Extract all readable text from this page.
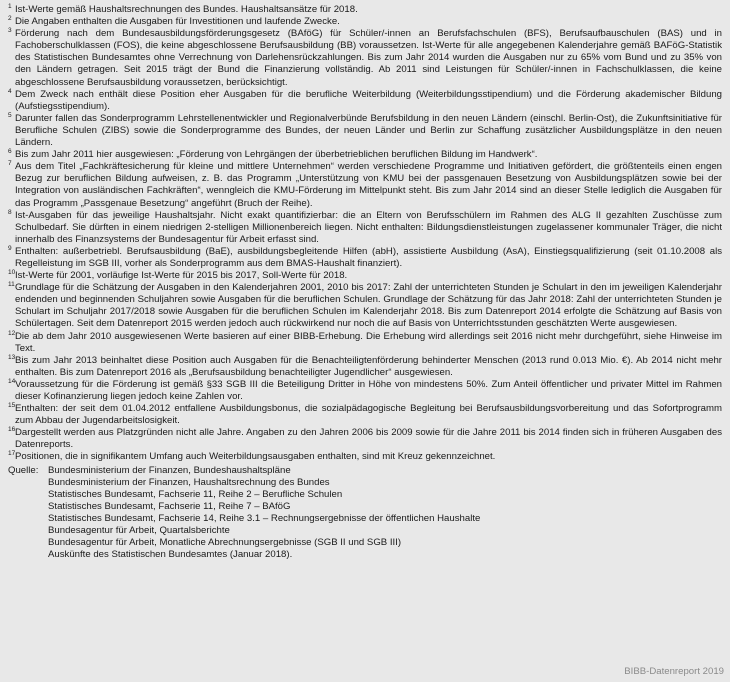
1 Ist-Werte gemäß Haushaltsrechnungen des Bundes. Haushaltsansätze für 2018.
2 Die Angaben enthalten die Ausgaben für Investitionen und laufende Zwecke.
3 Förderung nach dem Bundesausbildungsförderungsgesetz (BAföG) für Schüler/-innen an Berufsfachschulen (BFS), Berufsaufbauschulen (BAS) und in Fachoberschulklassen (FOS), die keine abgeschlossene Berufsausbildung (BB) voraussetzen. Ist-Werte für alle angegebenen Kalenderjahre gemäß BAFöG-Statistik des Statistischen Bundesamtes ohne Verrechnung von Darlehensrückzahlungen. Bis zum Jahr 2014 wurden die Ausgaben nur zu 65% vom Bund und zu 35% von den Ländern getragen. Seit 2015 trägt der Bund die Finanzierung vollständig. Ab 2011 sind Leistungen für Schüler/-innen in Fachschulklassen, die keine abgeschlossene Berufsausbildung voraussetzen, berücksichtigt.
4 Dem Zweck nach enthält diese Position eher Ausgaben für die berufliche Weiterbildung (Weiterbildungsstipendium) und die Förderung akademischer Bildung (Aufstiegsstipendium).
5 Darunter fallen das Sonderprogramm Lehrstellenentwickler und Regionalverbünde Berufsbildung in den neuen Ländern (einschl. Berlin-Ost), die Zukunftsinitiative für Berufliche Schulen (ZIBS) sowie die Sonderprogramme des Bundes, der neuen Länder und Berlin zur Schaffung zusätzlicher Ausbildungsplätze in den neuen Ländern.
6 Bis zum Jahr 2011 hier ausgewiesen: „Förderung von Lehrgängen der überbetrieblichen beruflichen Bildung im Handwerk“.
7 Aus dem Titel „Fachkräftesicherung für kleine und mittlere Unternehmen“ werden verschiedene Programme und Initiativen gefördert, die größtenteils einen engen Bezug zur beruflichen Bildung aufweisen, z. B. das Programm „Unterstützung von KMU bei der passgenauen Besetzung von Ausbildungsplätzen sowie bei der Integration von ausländischen Fachkräften“, wenngleich die KMU-Förderung im Mittelpunkt steht. Bis zum Jahr 2014 sind an dieser Stelle lediglich die Ausgaben für das Programm „Passgenaue Besetzung“ angeführt (Bruch der Reihe).
8 Ist-Ausgaben für das jeweilige Haushaltsjahr. Nicht exakt quantifizierbar: die an Eltern von Berufsschülern im Rahmen des ALG II gezahlten Zuschüsse zum Schulbedarf. Sie dürften in einem niedrigen 2-stelligen Millionenbereich liegen. Nicht enthalten: Bildungsdienstleistungen zugelassener kommunaler Träger, die nicht innerhalb des Finanzsystems der Bundesagentur für Arbeit erfasst sind.
9 Enthalten: außerbetriebl. Berufsausbildung (BaE), ausbildungsbegleitende Hilfen (abH), assistierte Ausbildung (AsA), Einstiegsqualifizierung (seit 01.10.2008 als Regelleistung im SGB III, vorher als Sonderprogramm aus dem BMAS-Haushalt finanziert).
10 Ist-Werte für 2001, vorläufige Ist-Werte für 2015 bis 2017, Soll-Werte für 2018.
11 Grundlage für die Schätzung der Ausgaben in den Kalenderjahren 2001, 2010 bis 2017: Zahl der unterrichteten Stunden je Schulart in den im jeweiligen Kalenderjahr endenden und beginnenden Schuljahren sowie Ausgaben für die beruflichen Schulen. Grundlage der Schätzung für das Jahr 2018: Zahl der unterrichteten Stunden je Schulart im Schuljahr 2017/2018 sowie Ausgaben für die beruflichen Schulen im Kalenderjahr 2018. Bis zum Datenreport 2014 erfolgte die Schätzung auf Basis von Schülertagen. Seit dem Datenreport 2015 werden jedoch auch rückwirkend nur noch die auf Basis von Unterrichtsstunden geschätzten Werte ausgewiesen.
12 Die ab dem Jahr 2010 ausgewiesenen Werte basieren auf einer BIBB-Erhebung. Die Erhebung wird allerdings seit 2016 nicht mehr durchgeführt, siehe Hinweise im Text.
13 Bis zum Jahr 2013 beinhaltet diese Position auch Ausgaben für die Benachteiligtenförderung behinderter Menschen (2013 rund 0.013 Mio. €). Ab 2014 nicht mehr enthalten. Bis zum Datenreport 2016 als „Berufsausbildung benachteiligter Jugendlicher“ ausgewiesen.
14 Voraussetzung für die Förderung ist gemäß §33 SGB III die Beteiligung Dritter in Höhe von mindestens 50%. Zum Anteil öffentlicher und privater Mittel im Rahmen dieser Kofinanzierung liegen jedoch keine Zahlen vor.
15 Enthalten: der seit dem 01.04.2012 entfallene Ausbildungsbonus, die sozialpädagogische Begleitung bei Berufsausbildungsvorbereitung und das Sofortprogramm zum Abbau der Jugendarbeitslosigkeit.
16 Dargestellt werden aus Platzgründen nicht alle Jahre. Angaben zu den Jahren 2006 bis 2009 sowie für die Jahre 2011 bis 2014 finden sich in früheren Ausgaben des Datenreports.
17 Positionen, die in signifikantem Umfang auch Weiterbildungsausgaben enthalten, sind mit Kreuz gekennzeichnet.
Quelle: Bundesministerium der Finanzen, Bundeshaushaltspläne
Bundesministerium der Finanzen, Haushaltsrechnung des Bundes
Statistisches Bundesamt, Fachserie 11, Reihe 2 – Berufliche Schulen
Statistisches Bundesamt, Fachserie 11, Reihe 7 – BAföG
Statistisches Bundesamt, Fachserie 14, Reihe 3.1 – Rechnungsergebnisse der öffentlichen Haushalte
Bundesagentur für Arbeit, Quartalsberichte
Bundesagentur für Arbeit, Monatliche Abrechnungsergebnisse (SGB II und SGB III)
Auskünfte des Statistischen Bundesamtes (Januar 2018).
BIBB-Datenreport 2019
